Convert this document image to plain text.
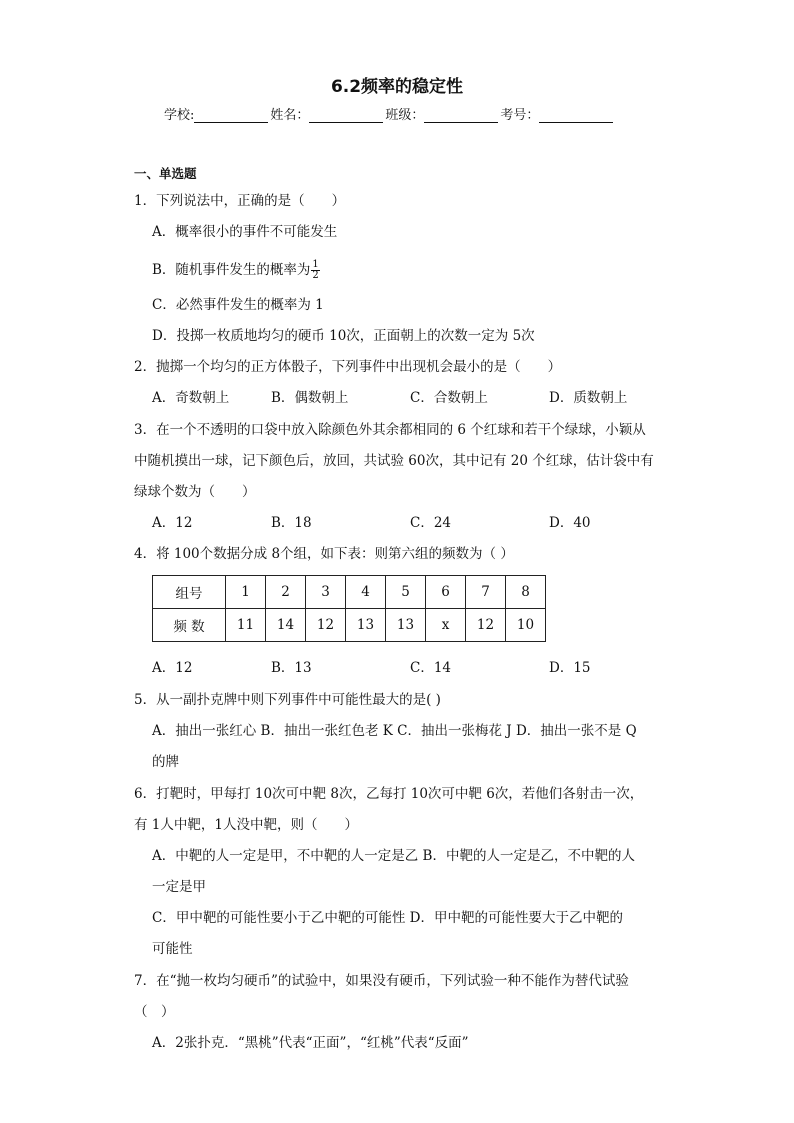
6.2频率的稳定性
学校:	姓名：	班级：	考号：
一、单选题
1．下列说法中，正确的是（　　）
A．概率很小的事件不可能发生
B．随机事件发生的概率为 $\frac{1}{2}$
C．必然事件发生的概率为 1
D．投掷一枚质地均匀的硬币 10次，正面朝上的次数一定为 5次
2．抛掷一个均匀的正方体骰子，下列事件中出现机会最小的是（　　）
A．奇数朝上	B．偶数朝上	C．合数朝上	D．质数朝上
3．在一个不透明的口袋中放入除颜色外其余都相同的 6 个红球和若干个绿球，小颖从
中随机摸出一球，记下颜色后，放回，共试验 60次，其中记有 20 个红球，估计袋中有
绿球个数为（　　）
A．12	B．18	C．24	D．40
4．将 100个数据分成 8个组，如下表：则第六组的频数为（ ）
组号	1	2	3	4	5	6	7	8
频 数	11	14	12	13	13	x	12	10
A．12	B．13	C．14	D．15
5．从一副扑克牌中则下列事件中可能性最大的是( )
A．抽出一张红心 B．抽出一张红色老 K C．抽出一张梅花 J D．抽出一张不是 Q
的牌
6．打靶时，甲每打 10次可中靶 8次，乙每打 10次可中靶 6次，若他们各射击一次，
有 1人中靶，1人没中靶，则（　　）
A．中靶的人一定是甲，不中靶的人一定是乙 B．中靶的人一定是乙，不中靶的人
一定是甲
C．甲中靶的可能性要小于乙中靶的可能性 D．甲中靶的可能性要大于乙中靶的
可能性
7．在“抛一枚均匀硬币”的试验中，如果没有硬币，下列试验一种不能作为替代试验
（　）
A．2张扑克．“黑桃”代表“正面”，“红桃”代表“反面”
